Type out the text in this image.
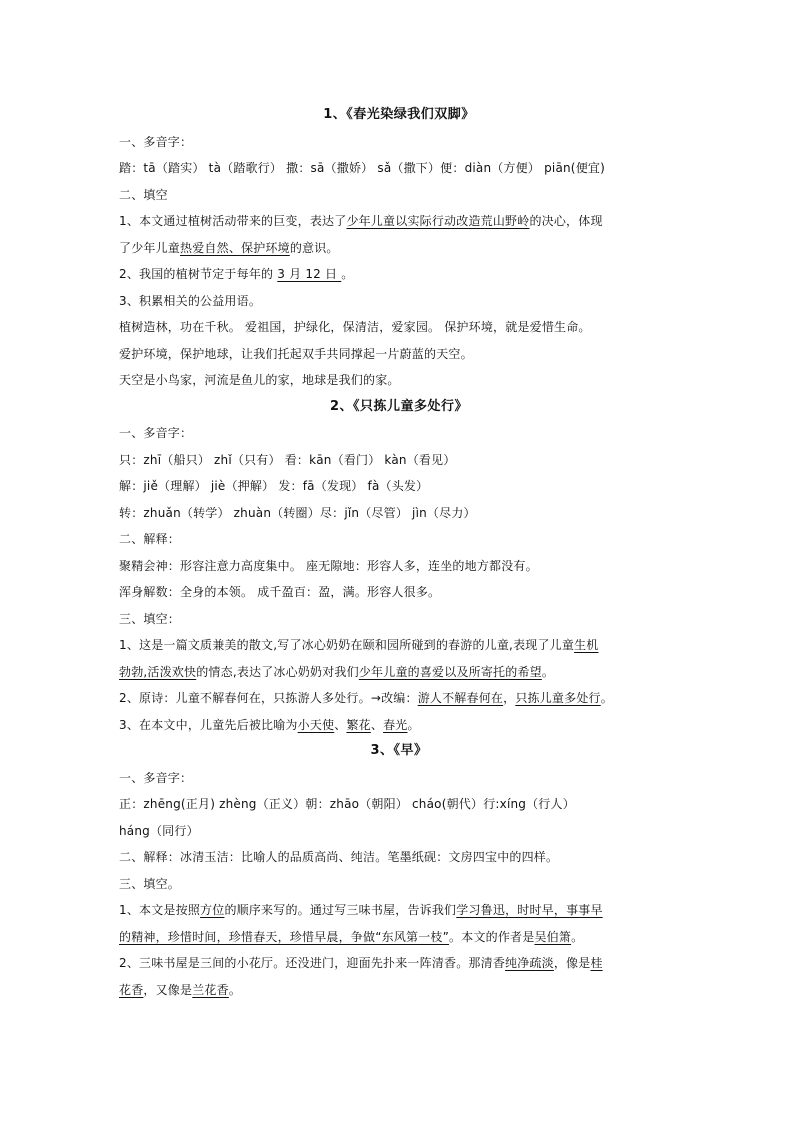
1、《春光染绿我们双脚》
一、多音字：
踏：tā（踏实） tà（踏歌行） 撒：sā（撒娇） sǎ（撒下）便：diàn（方便） piān(便宜)
二、填空
1、本文通过植树活动带来的巨变，表达了少年儿童以实际行动改造荒山野岭的决心，体现
了少年儿童热爱自然、保护环境的意识。
2、我国的植树节定于每年的 3 月 12 日 。
3、积累相关的公益用语。
植树造林，功在千秋。 爱祖国，护绿化，保清洁，爱家园。 保护环境，就是爱惜生命。
爱护环境，保护地球，让我们托起双手共同撑起一片蔚蓝的天空。
天空是小鸟家，河流是鱼儿的家，地球是我们的家。
2、《只拣儿童多处行》
一、多音字：
只：zhī（船只） zhǐ（只有） 看：kān（看门） kàn（看见）
解：jiě（理解） jiè（押解） 发：fā（发现） fà（头发）
转：zhuǎn（转学） zhuàn（转圈）尽：jǐn（尽管） jìn（尽力）
二、解释：
聚精会神：形容注意力高度集中。 座无隙地：形容人多，连坐的地方都没有。
浑身解数：全身的本领。 成千盈百：盈，满。形容人很多。
三、填空：
1、这是一篇文质兼美的散文,写了冰心奶奶在颐和园所碰到的春游的儿童,表现了儿童生机
勃勃,活泼欢快的情态,表达了冰心奶奶对我们少年儿童的喜爱以及所寄托的希望。
2、原诗：儿童不解春何在，只拣游人多处行。→改编：游人不解春何在，只拣儿童多处行。
3、在本文中，儿童先后被比喻为小天使、繁花、春光。
3、《早》
一、多音字：
正：zhēng(正月) zhèng（正义）朝：zhāo（朝阳） cháo(朝代）行:xíng（行人）
háng（同行）
二、解释：冰清玉洁：比喻人的品质高尚、纯洁。笔墨纸砚：文房四宝中的四样。
三、填空。
1、本文是按照方位的顺序来写的。通过写三味书屋，告诉我们学习鲁迅，时时早，事事早
的精神，珍惜时间，珍惜春天，珍惜早晨，争做“东风第一枝”。本文的作者是吴伯箫。
2、三味书屋是三间的小花厅。还没进门，迎面先扑来一阵清香。那清香纯净疏淡，像是桂
花香，又像是兰花香。
